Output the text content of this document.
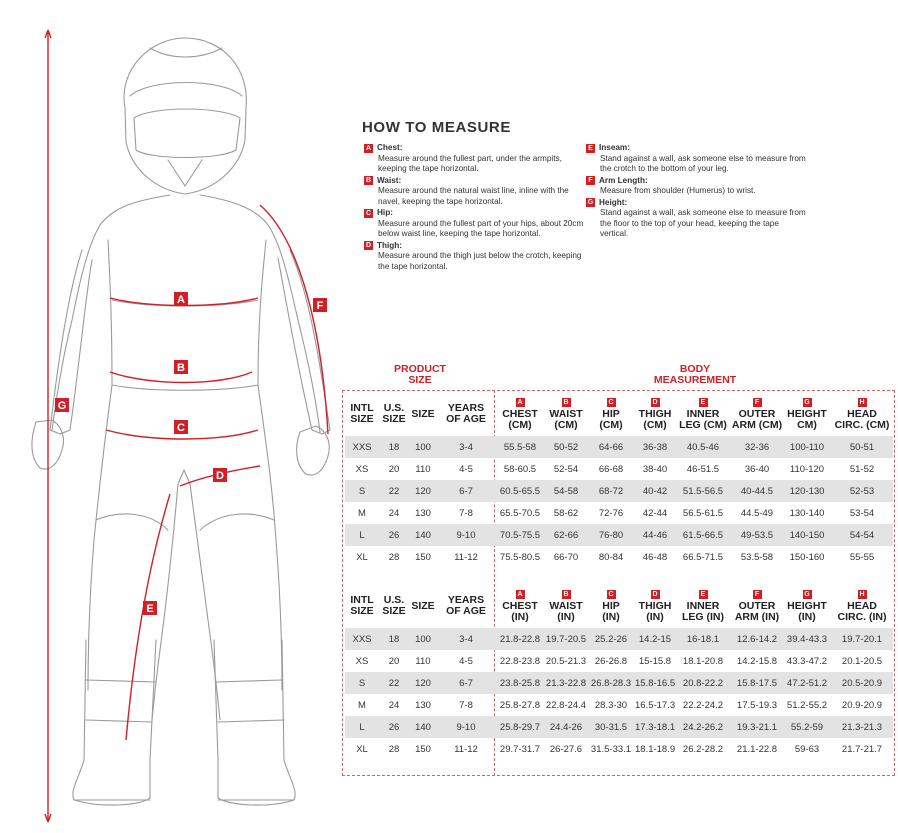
A
B
C
D
E
F
G
HOW TO MEASURE
A Chest:
Measure around the fullest part, under the armpits, keeping the tape horizontal.
B Waist:
Measure around the natural waist line, inline with the navel, keeping the tape horizontal.
C Hip:
Measure around the fullest part of your hips, about 20cm below waist line, keeping the tape horizontal.
D Thigh:
Measure around the thigh just below the crotch, keeping the tape horizontal.
E Inseam:
Stand against a wall, ask someone else to measure from the crotch to the bottom of your leg.
F Arm Length:
Measure from shoulder (Humerus) to wrist.
G Height:
Stand against a wall, ask someone else to measure from the floor to the top of your head, keeping the tape vertical.
PRODUCT
SIZE
BODY
MEASUREMENT
INTL
SIZE
U.S.
SIZE SIZE YEARS
OF AGE
A
CHEST
(CM)
B
WAIST
(CM)
C
HIP
(CM)
D
THIGH
(CM)
E
INNER
LEG (CM)
F
OUTER
ARM (CM)
G
HEIGHT
CM)
H
HEAD
CIRC. (CM)
XXS	18	100	3-4	55.5-58	50-52	64-66	36-38	40.5-46	32-36	100-110	50-51
XS	20	110	4-5	58-60.5	52-54	66-68	38-40	46-51.5	36-40	110-120	51-52
S	22	120	6-7	60.5-65.5	54-58	68-72	40-42	51.5-56.5	40-44.5	120-130	52-53
M	24	130	7-8	65.5-70.5	58-62	72-76	42-44	56.5-61.5	44.5-49	130-140	53-54
L	26	140	9-10	70.5-75.5	62-66	76-80	44-46	61.5-66.5	49-53.5	140-150	54-54
XL	28	150	11-12	75.5-80.5	66-70	80-84	46-48	66.5-71.5	53.5-58	150-160	55-55
INTL
SIZE
U.S.
SIZE SIZE YEARS
OF AGE
A
CHEST
(IN)
B
WAIST
(IN)
C
HIP
(IN)
D
THIGH
(IN)
E
INNER
LEG (IN)
F
OUTER
ARM (IN)
G
HEIGHT
(IN)
H
HEAD
CIRC. (IN)
XXS	18	100	3-4	21.8-22.8 19.7-20.5 25.2-26	14.2-15	16-18.1	12.6-14.2	39.4-43.3	19.7-20.1
XS	20	110	4-5	22.8-23.8 20.5-21.3 26-26.8	15-15.8	18.1-20.8	14.2-15.8	43.3-47.2	20.1-20.5
S	22	120	6-7	23.8-25.8 21.3-22.8 26.8-28.3 15.8-16.5 20.8-22.2	15.8-17.5	47.2-51.2	20.5-20.9
M	24	130	7-8	25.8-27.8 22.8-24.4 28.3-30 16.5-17.3 22.2-24.2	17.5-19.3	51.2-55.2	20.9-20.9
L	26	140	9-10	25.8-29.7	24.4-26	30-31.5 17.3-18.1 24.2-26.2	19.3-21.1	55.2-59	21.3-21.3
XL	28	150	11-12	29.7-31.7	26-27.6 31.5-33.1 18.1-18.9 26.2-28.2	21.1-22.8	59-63	21.7-21.7
